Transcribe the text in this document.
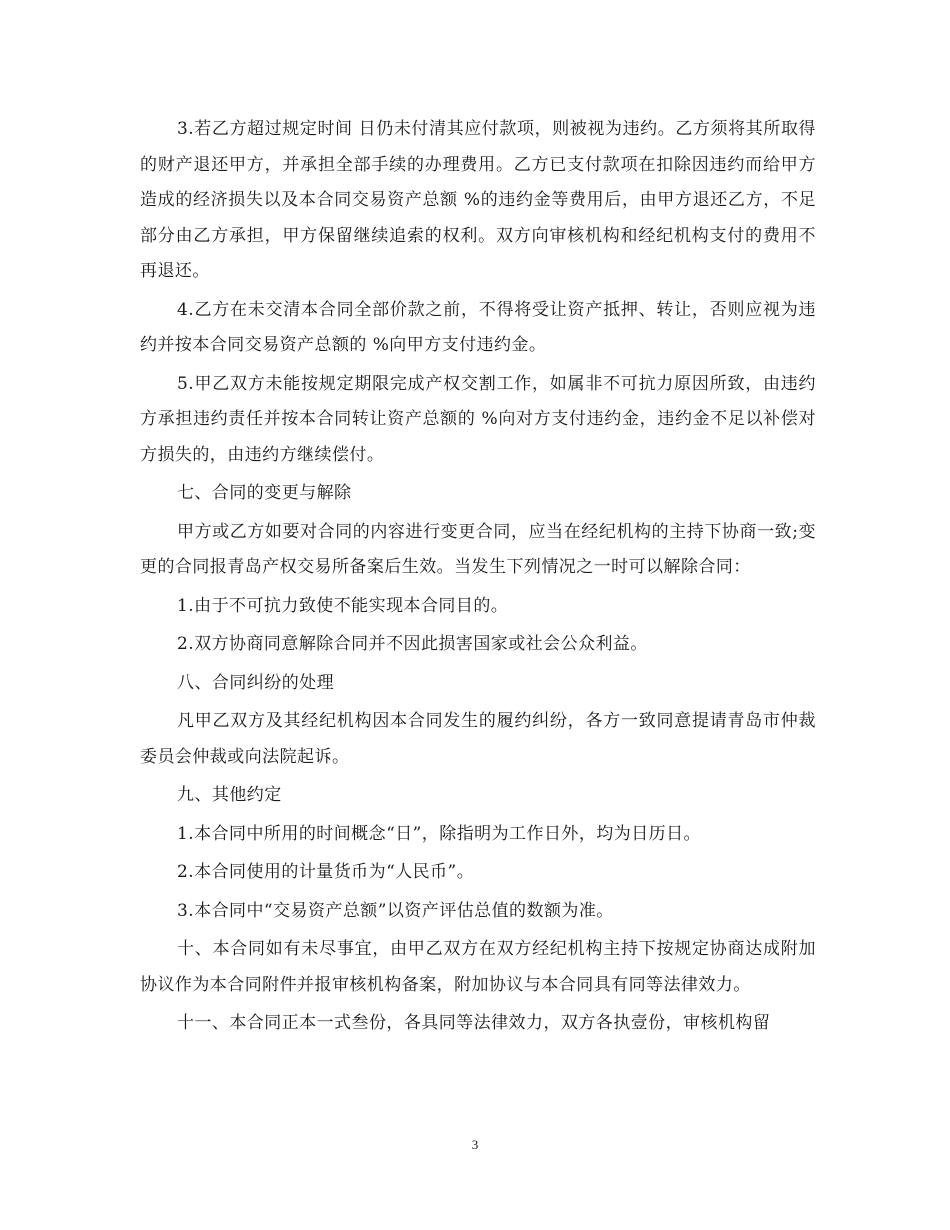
3.若乙方超过规定时间 日仍未付清其应付款项，则被视为违约。乙方须将其所取得的财产退还甲方，并承担全部手续的办理费用。乙方已支付款项在扣除因违约而给甲方造成的经济损失以及本合同交易资产总额 %的违约金等费用后，由甲方退还乙方，不足部分由乙方承担，甲方保留继续追索的权利。双方向审核机构和经纪机构支付的费用不再退还。

4.乙方在未交清本合同全部价款之前，不得将受让资产抵押、转让，否则应视为违约并按本合同交易资产总额的 %向甲方支付违约金。

5.甲乙双方未能按规定期限完成产权交割工作，如属非不可抗力原因所致，由违约方承担违约责任并按本合同转让资产总额的 %向对方支付违约金，违约金不足以补偿对方损失的，由违约方继续偿付。

七、合同的变更与解除

甲方或乙方如要对合同的内容进行变更合同，应当在经纪机构的主持下协商一致;变更的合同报青岛产权交易所备案后生效。当发生下列情况之一时可以解除合同：

1.由于不可抗力致使不能实现本合同目的。

2.双方协商同意解除合同并不因此损害国家或社会公众利益。

八、合同纠纷的处理

凡甲乙双方及其经纪机构因本合同发生的履约纠纷，各方一致同意提请青岛市仲裁委员会仲裁或向法院起诉。

九、其他约定

1.本合同中所用的时间概念“日”，除指明为工作日外，均为日历日。

2.本合同使用的计量货币为“人民币”。

3.本合同中“交易资产总额”以资产评估总值的数额为准。

十、本合同如有未尽事宜，由甲乙双方在双方经纪机构主持下按规定协商达成附加协议作为本合同附件并报审核机构备案，附加协议与本合同具有同等法律效力。

十一、本合同正本一式叁份，各具同等法律效力，双方各执壹份，审核机构留

3
